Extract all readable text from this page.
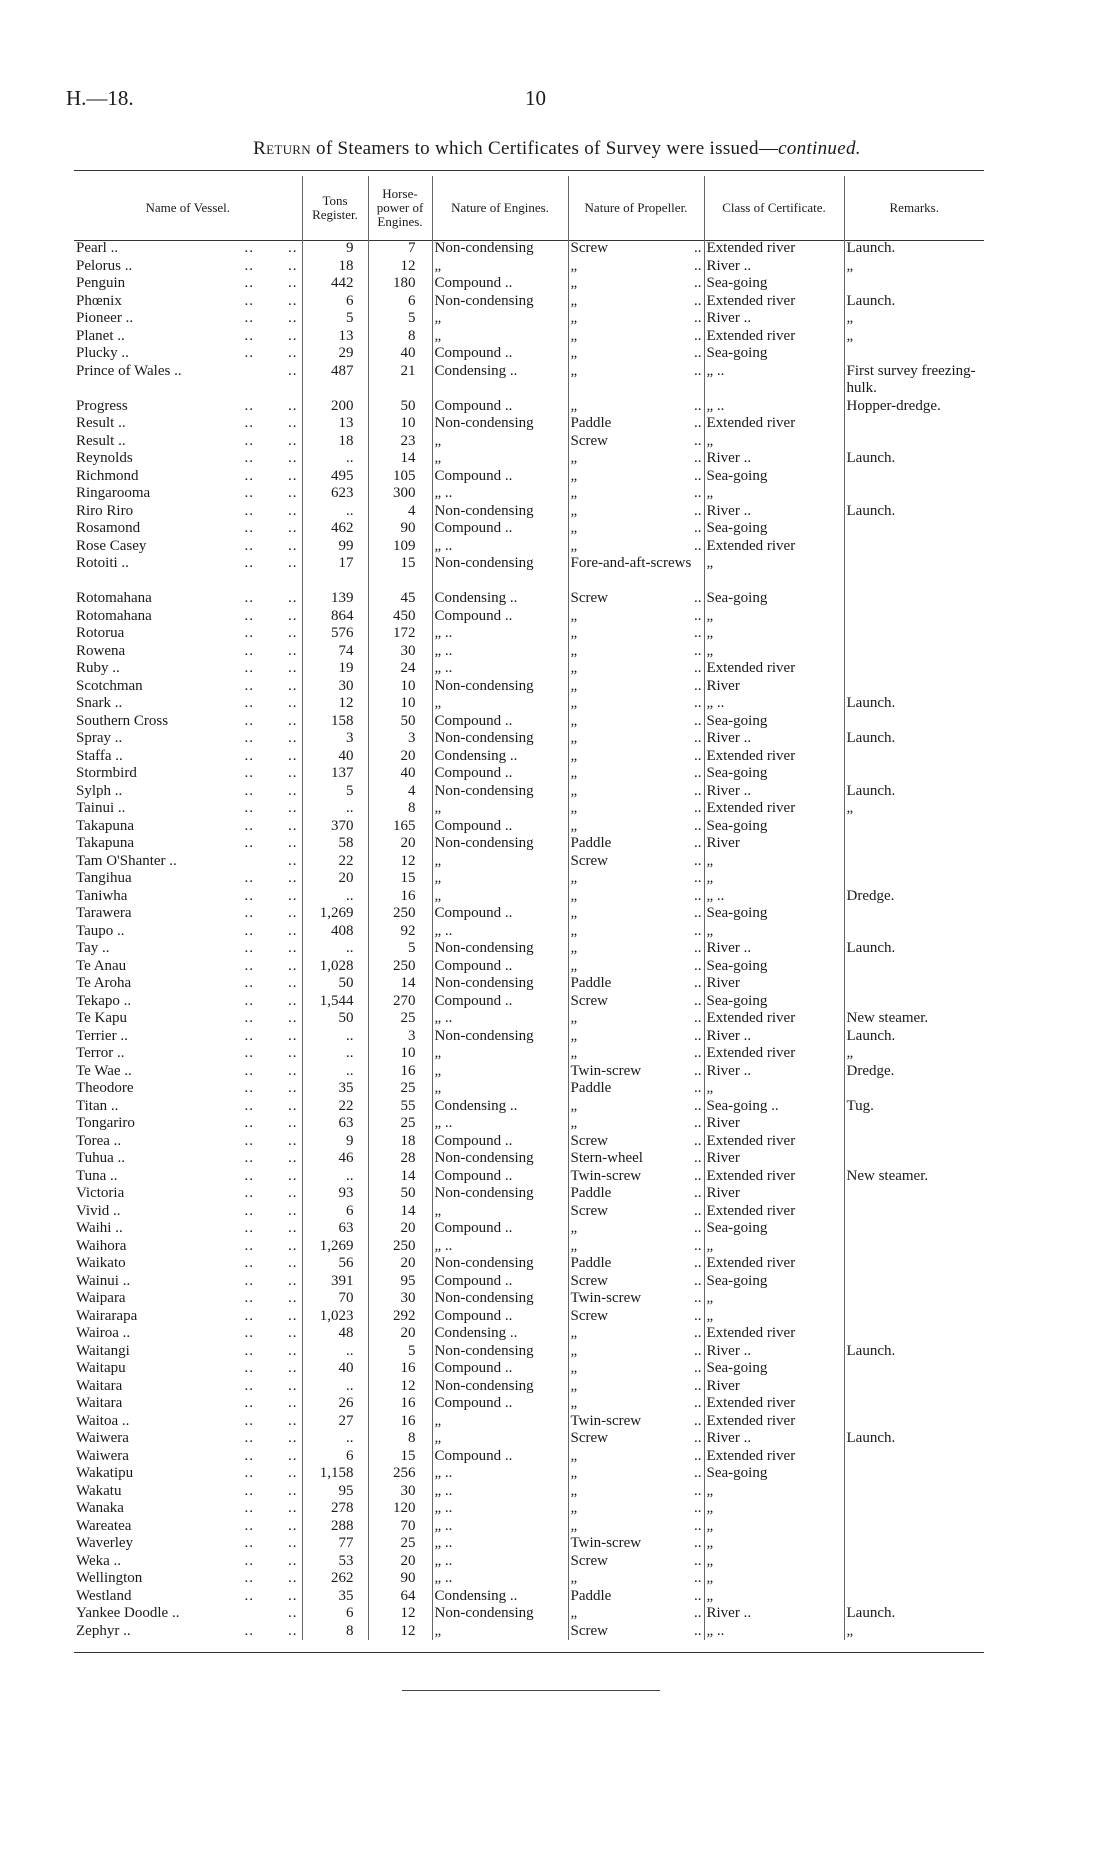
H.—18.	10
Return of Steamers to which Certificates of Survey were issued—continued.
Name of Vessel.	Tons Register.	Horse-power of Engines.	Nature of Engines.	Nature of Propeller.	Class of Certificate.	Remarks.
Pearl .. .. ..	9	7	Non-condensing	Screw ..	Extended river	Launch.
Pelorus .. .. ..	18	12	„	„ ..	River ..	„
Penguin .. ..	442	180	Compound ..	„ ..	Sea-going	
Phœnix .. ..	6	6	Non-condensing	„ ..	Extended river	Launch.
Pioneer .. .. ..	5	5	„	„ ..	River ..	„
Planet .. .. ..	13	8	„	„ ..	Extended river	„
Plucky .. .. ..	29	40	Compound ..	„ ..	Sea-going	
Prince of Wales .. ..	487	21	Condensing ..	„ ..	„ ..	First survey freezing-hulk.
Progress .. ..	200	50	Compound ..	„ ..	„ ..	Hopper-dredge.
Result .. .. ..	13	10	Non-condensing	Paddle ..	Extended river	
Result .. .. ..	18	23	„	Screw ..	„	
Reynolds .. ..	..	14	„	„ ..	River ..	Launch.
Richmond .. ..	495	105	Compound ..	„ ..	Sea-going	
Ringarooma .. ..	623	300	„ ..	„ ..	„	
Riro Riro .. ..	..	4	Non-condensing	„ ..	River ..	Launch.
Rosamond .. ..	462	90	Compound ..	„ ..	Sea-going	
Rose Casey .. ..	99	109	„ ..	„ ..	Extended river	
Rotoiti .. .. ..	17	15	Non-condensing	Fore-and-aft-screws	„	
Rotomahana .. ..	139	45	Condensing ..	Screw ..	Sea-going	
Rotomahana .. ..	864	450	Compound ..	„ ..	„	
Rotorua .. ..	576	172	„ ..	„ ..	„	
Rowena .. ..	74	30	„ ..	„ ..	„	
Ruby .. .. ..	19	24	„ ..	„ ..	Extended river	
Scotchman .. ..	30	10	Non-condensing	„ ..	River	
Snark .. .. ..	12	10	„	„ ..	„ ..	Launch.
Southern Cross .. ..	158	50	Compound ..	„ ..	Sea-going	
Spray .. .. ..	3	3	Non-condensing	„ ..	River ..	Launch.
Staffa .. .. ..	40	20	Condensing ..	„ ..	Extended river	
Stormbird .. ..	137	40	Compound ..	„ ..	Sea-going	
Sylph .. .. ..	5	4	Non-condensing	„ ..	River ..	Launch.
Tainui .. .. ..	..	8	„	„ ..	Extended river	„
Takapuna .. ..	370	165	Compound ..	„ ..	Sea-going	
Takapuna .. ..	58	20	Non-condensing	Paddle ..	River	
Tam O'Shanter .. ..	22	12	„	Screw ..	„	
Tangihua .. ..	20	15	„	„ ..	„	
Taniwha .. ..	..	16	„	„ ..	„ ..	Dredge.
Tarawera .. ..	1,269	250	Compound ..	„ ..	Sea-going	
Taupo .. .. ..	408	92	„ ..	„ ..	„	
Tay .. .. ..	..	5	Non-condensing	„ ..	River ..	Launch.
Te Anau .. ..	1,028	250	Compound ..	„ ..	Sea-going	
Te Aroha .. ..	50	14	Non-condensing	Paddle ..	River	
Tekapo .. .. ..	1,544	270	Compound ..	Screw ..	Sea-going	
Te Kapu .. ..	50	25	„ ..	„ ..	Extended river	New steamer.
Terrier .. .. ..	..	3	Non-condensing	„ ..	River ..	Launch.
Terror .. .. ..	..	10	„	„ ..	Extended river	„
Te Wae .. .. ..	..	16	„	Twin-screw ..	River ..	Dredge.
Theodore .. ..	35	25	„	Paddle ..	„	
Titan .. .. ..	22	55	Condensing ..	„ ..	Sea-going ..	Tug.
Tongariro .. ..	63	25	„ ..	„ ..	River	
Torea .. .. ..	9	18	Compound ..	Screw ..	Extended river	
Tuhua .. .. ..	46	28	Non-condensing	Stern-wheel ..	River	
Tuna .. .. ..	..	14	Compound ..	Twin-screw ..	Extended river	New steamer.
Victoria .. ..	93	50	Non-condensing	Paddle ..	River	
Vivid .. .. ..	6	14	„	Screw ..	Extended river	
Waihi .. .. ..	63	20	Compound ..	„ ..	Sea-going	
Waihora .. ..	1,269	250	„ ..	„ ..	„	
Waikato .. ..	56	20	Non-condensing	Paddle ..	Extended river	
Wainui .. .. ..	391	95	Compound ..	Screw ..	Sea-going	
Waipara .. ..	70	30	Non-condensing	Twin-screw ..	„	
Wairarapa .. ..	1,023	292	Compound ..	Screw ..	„	
Wairoa .. .. ..	48	20	Condensing ..	„ ..	Extended river	
Waitangi .. ..	..	5	Non-condensing	„ ..	River ..	Launch.
Waitapu .. ..	40	16	Compound ..	„ ..	Sea-going	
Waitara .. ..	..	12	Non-condensing	„ ..	River	
Waitara .. ..	26	16	Compound ..	„ ..	Extended river	
Waitoa .. .. ..	27	16	„	Twin-screw ..	Extended river	
Waiwera .. ..	..	8	„	Screw ..	River ..	Launch.
Waiwera .. ..	6	15	Compound ..	„ ..	Extended river	
Wakatipu .. ..	1,158	256	„ ..	„ ..	Sea-going	
Wakatu .. ..	95	30	„ ..	„ ..	„	
Wanaka .. ..	278	120	„ ..	„ ..	„	
Wareatea .. ..	288	70	„ ..	„ ..	„	
Waverley .. ..	77	25	„ ..	Twin-screw ..	„	
Weka .. .. ..	53	20	„ ..	Screw ..	„	
Wellington .. ..	262	90	„ ..	„ ..	„	
Westland .. ..	35	64	Condensing ..	Paddle ..	„	
Yankee Doodle .. ..	6	12	Non-condensing	„ ..	River ..	Launch.
Zephyr .. .. ..	8	12	„	Screw ..	„ ..	„
